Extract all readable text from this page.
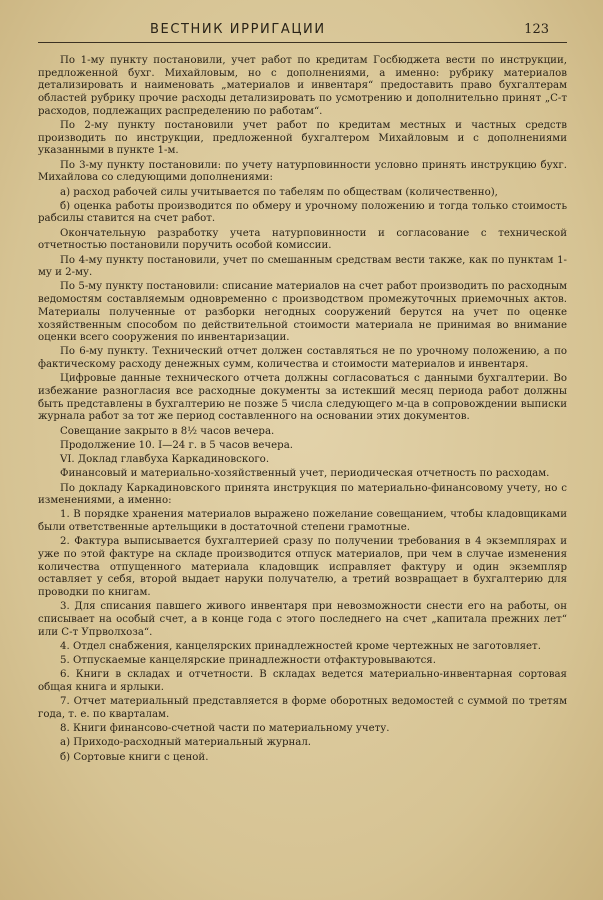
ВЕСТНИК ИРРИГАЦИИ	123

По 1-му пункту постановили, учет работ по кредитам Госбюджета вести по инструкции, предложенной бухг. Михайловым, но с дополнениями, а именно: рубрику материалов детализировать и наименовать „материалов и инвентаря“ предоставить право бухгалтерам областей рубрику прочие расходы детализировать по усмотрению и дополнительно принят „С-т расходов, подлежащих распределению по работам“.

По 2-му пункту постановили учет работ по кредитам местных и частных средств производить по инструкции, предложенной бухгалтером Михайловым и с дополнениями указанными в пункте 1-м.

По 3-му пункту постановили: по учету натурповинности условно принять инструкцию бухг. Михайлова со следующими дополнениями:

а) расход рабочей силы учитывается по табелям по обществам (количественно),

б) оценка работы производится по обмеру и урочному положению и тогда только стоимость рабсилы ставится на счет работ.

Окончательную разработку учета натурповинности и согласование с технической отчетностью постановили поручить особой комиссии.

По 4-му пункту постановили, учет по смешанным средствам вести также, как по пунктам 1-му и 2-му.

По 5-му пункту постановили: списание материалов на счет работ производить по расходным ведомостям составляемым одновременно с производством промежуточных приемочных актов. Материалы полученные от разборки негодных сооружений берутся на учет по оценке хозяйственным способом по действительной стоимости материала не принимая во внимание оценки всего сооружения по инвентаризации.

По 6-му пункту. Технический отчет должен составляться не по урочному положению, а по фактическому расходу денежных сумм, количества и стоимости материалов и инвентаря.

Цифровые данные технического отчета должны согласоваться с данными бухгалтерии. Во избежание разногласия все расходные документы за истекший месяц периода работ должны быть представлены в бухгалтерию не позже 5 числа следующего м-ца в сопровождении выписки журнала работ за тот же период составленного на основании этих документов.

Совещание закрыто в 8½ часов вечера.

Продолжение 10. I—24 г. в 5 часов вечера.

VI. Доклад главбуха Каркадиновского.

Финансовый и материально-хозяйственный учет, периодическая отчетность по расходам.

По докладу Каркадиновского принята инструкция по материально-финансовому учету, но с изменениями, а именно:

1. В порядке хранения материалов выражено пожелание совещанием, чтобы кладовщиками были ответственные артельщики в достаточной степени грамотные.

2. Фактура выписывается бухгалтерией сразу по получении требования в 4 экземплярах и уже по этой фактуре на складе производится отпуск материалов, при чем в случае изменения количества отпущенного материала кладовщик исправляет фактуру и один экземпляр оставляет у себя, второй выдает наруки получателю, а третий возвращает в бухгалтерию для проводки по книгам.

3. Для списания павшего живого инвентаря при невозможности снести его на работы, он списывает на особый счет, а в конце года с этого последнего на счет „капитала прежних лет“ или С-т Упрволхоза“.

4. Отдел снабжения, канцелярских принадлежностей кроме чертежных не заготовляет.

5. Отпускаемые канцелярские принадлежности отфактуровываются.

6. Книги в складах и отчетности. В складах ведется материально-инвентарная сортовая общая книга и ярлыки.

7. Отчет материальный представляется в форме оборотных ведомостей с суммой по третям года, т. е. по кварталам.

8. Книги финансово-счетной части по материальному учету.

а) Приходо-расходный материальный журнал.

б) Сортовые книги с ценой.
